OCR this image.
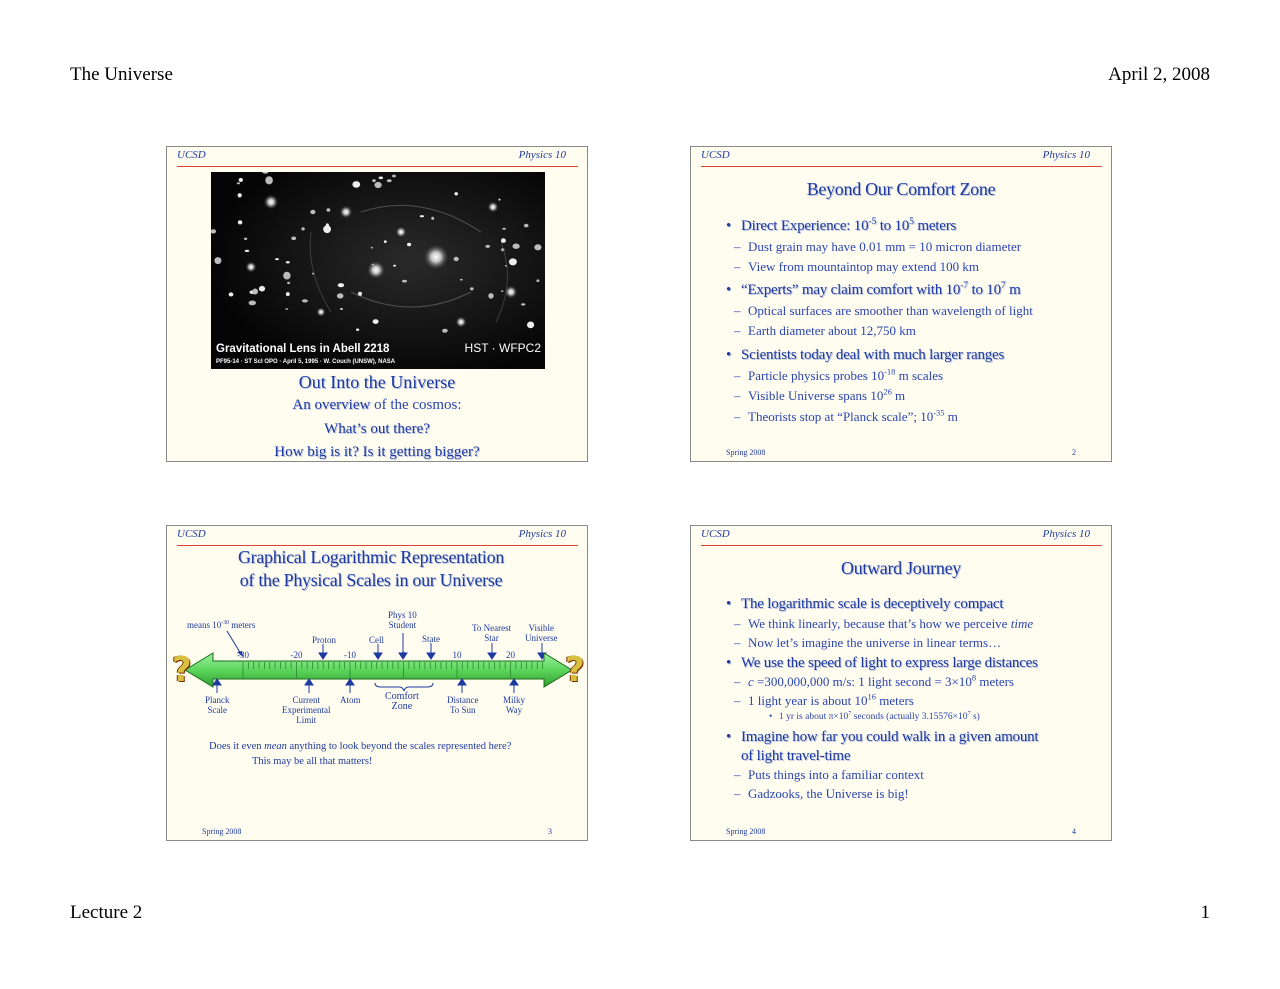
The Universe	April 2, 2008
Lecture 2	1
UCSD	Physics 10
Gravitational Lens in Abell 2218
PF95-14 · ST ScI OPO · April 5, 1995 · W. Couch (UNSW), NASA
HST · WFPC2
Out Into the Universe
An overview of the cosmos:
What’s out there?
How big is it? Is it getting bigger?
UCSD	Physics 10
Beyond Our Comfort Zone
• Direct Experience: $10^{-5}$ to $10^5$ meters
– Dust grain may have 0.01 mm = 10 micron diameter
– View from mountaintop may extend 100 km
• “Experts” may claim comfort with $10^{-7}$ to $10^7$ m
– Optical surfaces are smoother than wavelength of light
– Earth diameter about 12,750 km
• Scientists today deal with much larger ranges
– Particle physics probes $10^{-18}$ m scales
– Visible Universe spans $10^{26}$ m
– Theorists stop at “Planck scale”; $10^{-35}$ m
Spring 2008	2
UCSD	Physics 10
Graphical Logarithmic Representation
of the Physical Scales in our Universe
means $10^{-30}$ meters
Phys 10
Student
Proton	Cell	State
To Nearest
Star
Visible
Universe
-30	-20	-10	0	10	20
?	?
Planck
Scale
Current
Experimental
Limit
Atom Comfort
Zone
Distance
To Sun
Milky
Way
Does it even mean anything to look beyond the scales represented here?
This may be all that matters!
Spring 2008	3
UCSD	Physics 10
Outward Journey
• The logarithmic scale is deceptively compact
– We think linearly, because that’s how we perceive time
– Now let’s imagine the universe in linear terms…
• We use the speed of light to express large distances
– c =300,000,000 m/s: 1 light second = $3\times 10^8$ meters
– 1 light year is about $10^{16}$ meters
• 1 yr is about $\pi\times 10^7$ seconds (actually $3.15576\times 10^7$ s)
• Imagine how far you could walk in a given amount
of light travel-time
– Puts things into a familiar context
– Gadzooks, the Universe is big!
Spring 2008	4
